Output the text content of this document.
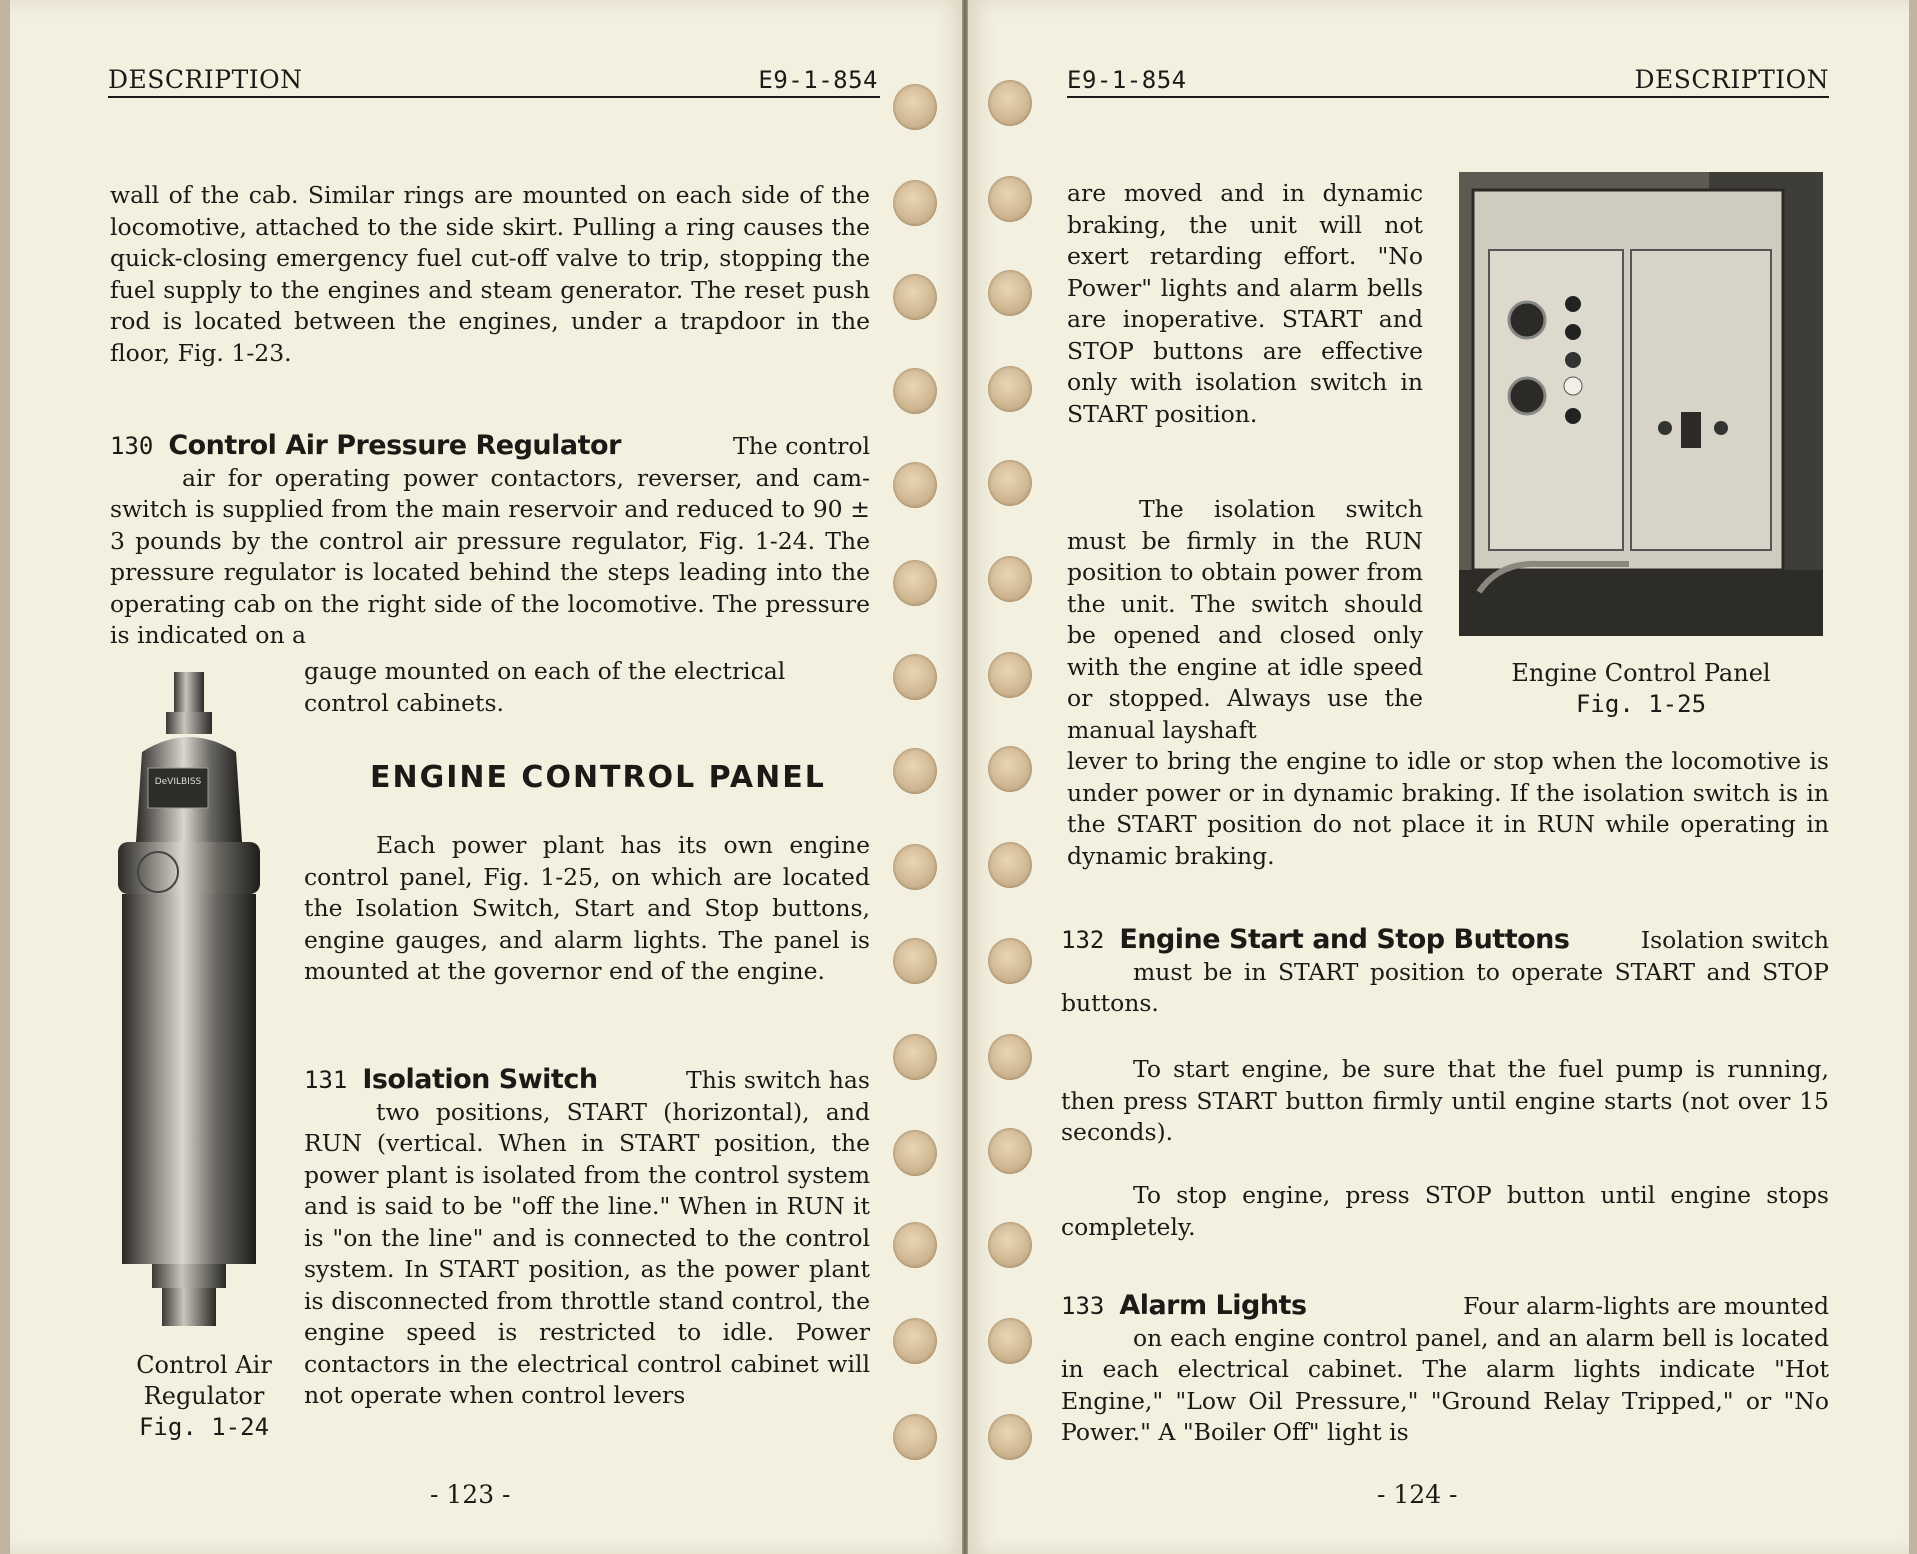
DESCRIPTION	E9-1-854

wall of the cab. Similar rings are mounted on each side of the locomotive, attached to the side skirt. Pulling a ring causes the quick-closing emergency fuel cut-off valve to trip, stopping the fuel supply to the engines and steam generator. The reset push rod is located between the engines, under a trapdoor in the floor, Fig. 1-23.

130 Control Air Pressure Regulator	The control

air for operating power contactors, reverser, and cam-switch is supplied from the main reservoir and reduced to 90 ± 3 pounds by the control air pressure regulator, Fig. 1-24. The pressure regulator is located behind the steps leading into the operating cab on the right side of the locomotive. The pressure is indicated on a

gauge mounted on each of the electrical control cabinets.

DeVILBISS
Control Air
Regulator
Fig. 1-24
ENGINE CONTROL PANEL

Each power plant has its own engine control panel, Fig. 1-25, on which are located the Isolation Switch, Start and Stop buttons, engine gauges, and alarm lights. The panel is mounted at the governor end of the engine.

131 Isolation Switch	This switch has

two positions, START (horizontal), and RUN (vertical. When in START position, the power plant is isolated from the control system and is said to be "off the line." When in RUN it is "on the line" and is connected to the control system. In START position, as the power plant is disconnected from throttle stand control, the engine speed is restricted to idle. Power contactors in the electrical control cabinet will not operate when control levers

- 123 -
E9-1-854	DESCRIPTION

are moved and in dynamic braking, the unit will not exert retarding effort. "No Power" lights and alarm bells are inoperative. START and STOP buttons are effective only with isolation switch in START position.

The isolation switch must be firmly in the RUN position to obtain power from the unit. The switch should be opened and closed only with the engine at idle speed or stopped. Always use the manual layshaft

lever to bring the engine to idle or stop when the locomotive is under power or in dynamic braking. If the isolation switch is in the START position do not place it in RUN while operating in dynamic braking.

Engine Control Panel
Fig. 1-25
132 Engine Start and Stop Buttons	Isolation switch

must be in START position to operate START and STOP buttons.

To start engine, be sure that the fuel pump is running, then press START button firmly until engine starts (not over 15 seconds).

To stop engine, press STOP button until engine stops completely.

133 Alarm Lights	Four alarm-lights are mounted

on each engine control panel, and an alarm bell is located in each electrical cabinet. The alarm lights indicate "Hot Engine," "Low Oil Pressure," "Ground Relay Tripped," or "No Power." A "Boiler Off" light is

- 124 -
